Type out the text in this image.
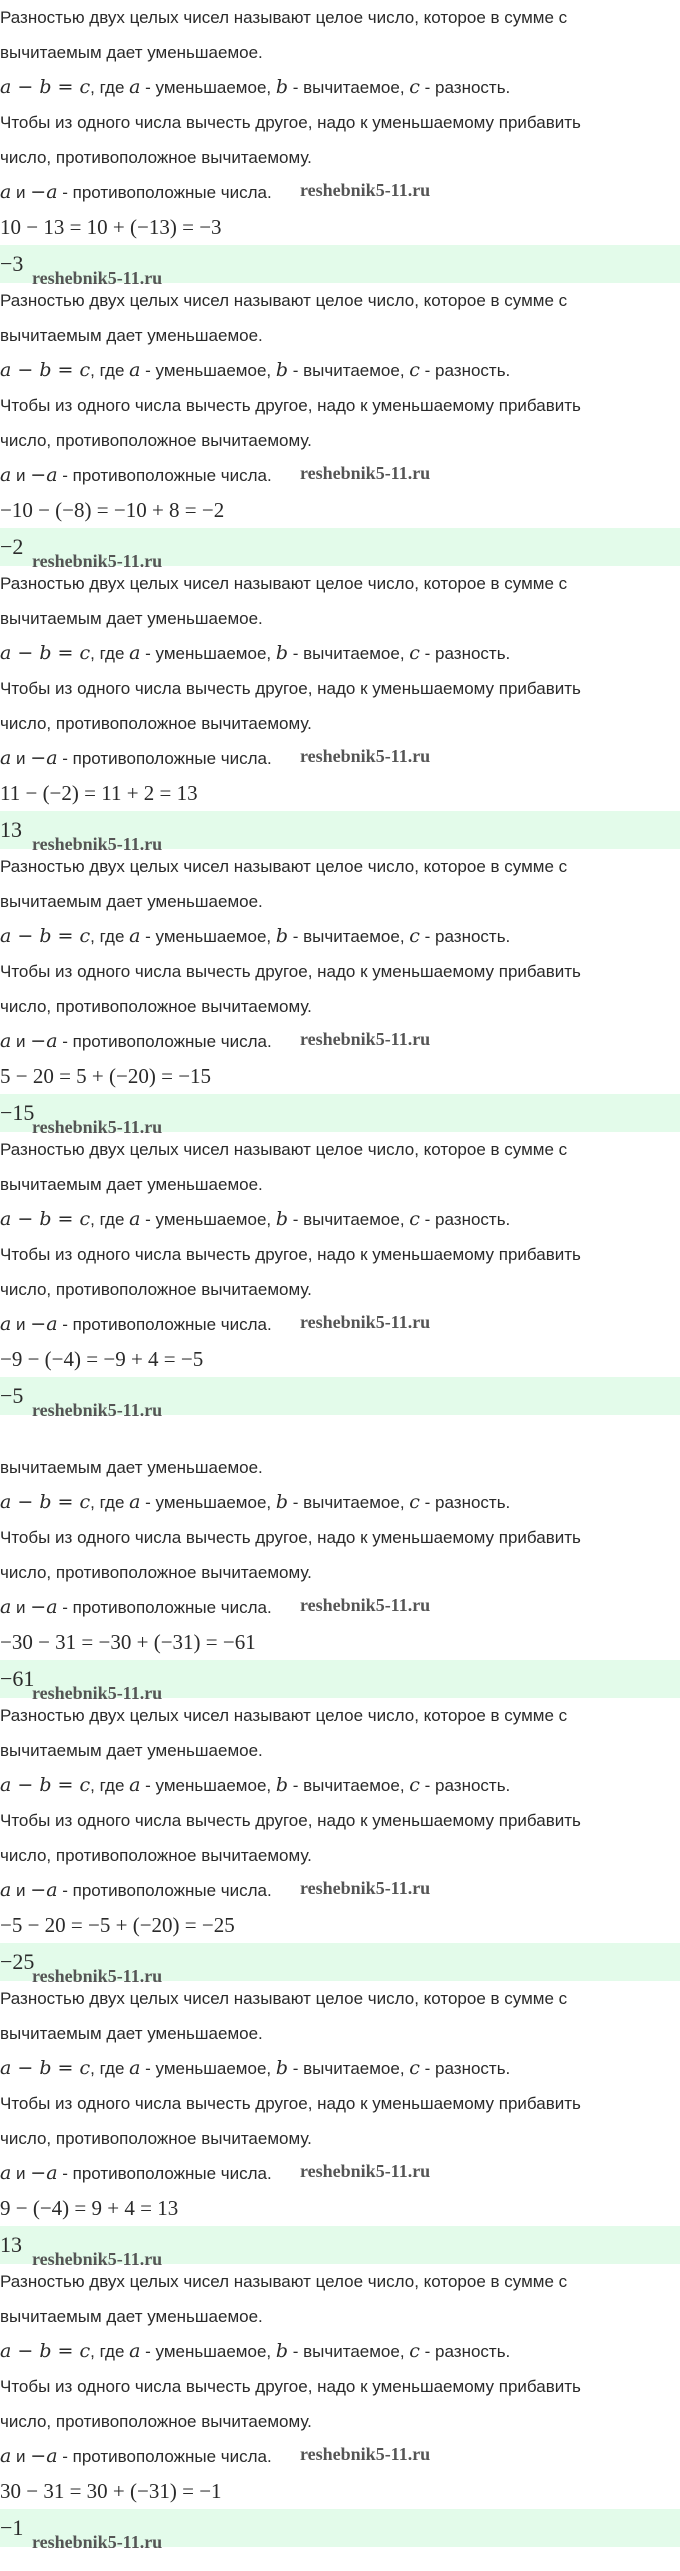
Разностью двух целых чисел называют целое число, которое в сумме с
вычитаемым дает уменьшаемое.
a − b = c, где a - уменьшаемое, b - вычитаемое, c - разность.
Чтобы из одного числа вычесть другое, надо к уменьшаемому прибавить
число, противоположное вычитаемому.
a и −a - противоположные числа.
10 − 13 = 10 + (−13) = −3
−3
reshebnik5-11.ru
reshebnik5-11.ru
Разностью двух целых чисел называют целое число, которое в сумме с
вычитаемым дает уменьшаемое.
a − b = c, где a - уменьшаемое, b - вычитаемое, c - разность.
Чтобы из одного числа вычесть другое, надо к уменьшаемому прибавить
число, противоположное вычитаемому.
a и −a - противоположные числа.
−10 − (−8) = −10 + 8 = −2
−2
reshebnik5-11.ru
reshebnik5-11.ru
Разностью двух целых чисел называют целое число, которое в сумме с
вычитаемым дает уменьшаемое.
a − b = c, где a - уменьшаемое, b - вычитаемое, c - разность.
Чтобы из одного числа вычесть другое, надо к уменьшаемому прибавить
число, противоположное вычитаемому.
a и −a - противоположные числа.
11 − (−2) = 11 + 2 = 13
13
reshebnik5-11.ru
reshebnik5-11.ru
Разностью двух целых чисел называют целое число, которое в сумме с
вычитаемым дает уменьшаемое.
a − b = c, где a - уменьшаемое, b - вычитаемое, c - разность.
Чтобы из одного числа вычесть другое, надо к уменьшаемому прибавить
число, противоположное вычитаемому.
a и −a - противоположные числа.
5 − 20 = 5 + (−20) = −15
−15
reshebnik5-11.ru
reshebnik5-11.ru
Разностью двух целых чисел называют целое число, которое в сумме с
вычитаемым дает уменьшаемое.
a − b = c, где a - уменьшаемое, b - вычитаемое, c - разность.
Чтобы из одного числа вычесть другое, надо к уменьшаемому прибавить
число, противоположное вычитаемому.
a и −a - противоположные числа.
−9 − (−4) = −9 + 4 = −5
−5
reshebnik5-11.ru
reshebnik5-11.ru
вычитаемым дает уменьшаемое.
a − b = c, где a - уменьшаемое, b - вычитаемое, c - разность.
Чтобы из одного числа вычесть другое, надо к уменьшаемому прибавить
число, противоположное вычитаемому.
a и −a - противоположные числа.
−30 − 31 = −30 + (−31) = −61
−61
reshebnik5-11.ru
reshebnik5-11.ru
Разностью двух целых чисел называют целое число, которое в сумме с
вычитаемым дает уменьшаемое.
a − b = c, где a - уменьшаемое, b - вычитаемое, c - разность.
Чтобы из одного числа вычесть другое, надо к уменьшаемому прибавить
число, противоположное вычитаемому.
a и −a - противоположные числа.
−5 − 20 = −5 + (−20) = −25
−25
reshebnik5-11.ru
reshebnik5-11.ru
Разностью двух целых чисел называют целое число, которое в сумме с
вычитаемым дает уменьшаемое.
a − b = c, где a - уменьшаемое, b - вычитаемое, c - разность.
Чтобы из одного числа вычесть другое, надо к уменьшаемому прибавить
число, противоположное вычитаемому.
a и −a - противоположные числа.
9 − (−4) = 9 + 4 = 13
13
reshebnik5-11.ru
reshebnik5-11.ru
Разностью двух целых чисел называют целое число, которое в сумме с
вычитаемым дает уменьшаемое.
a − b = c, где a - уменьшаемое, b - вычитаемое, c - разность.
Чтобы из одного числа вычесть другое, надо к уменьшаемому прибавить
число, противоположное вычитаемому.
a и −a - противоположные числа.
30 − 31 = 30 + (−31) = −1
−1
reshebnik5-11.ru
reshebnik5-11.ru
